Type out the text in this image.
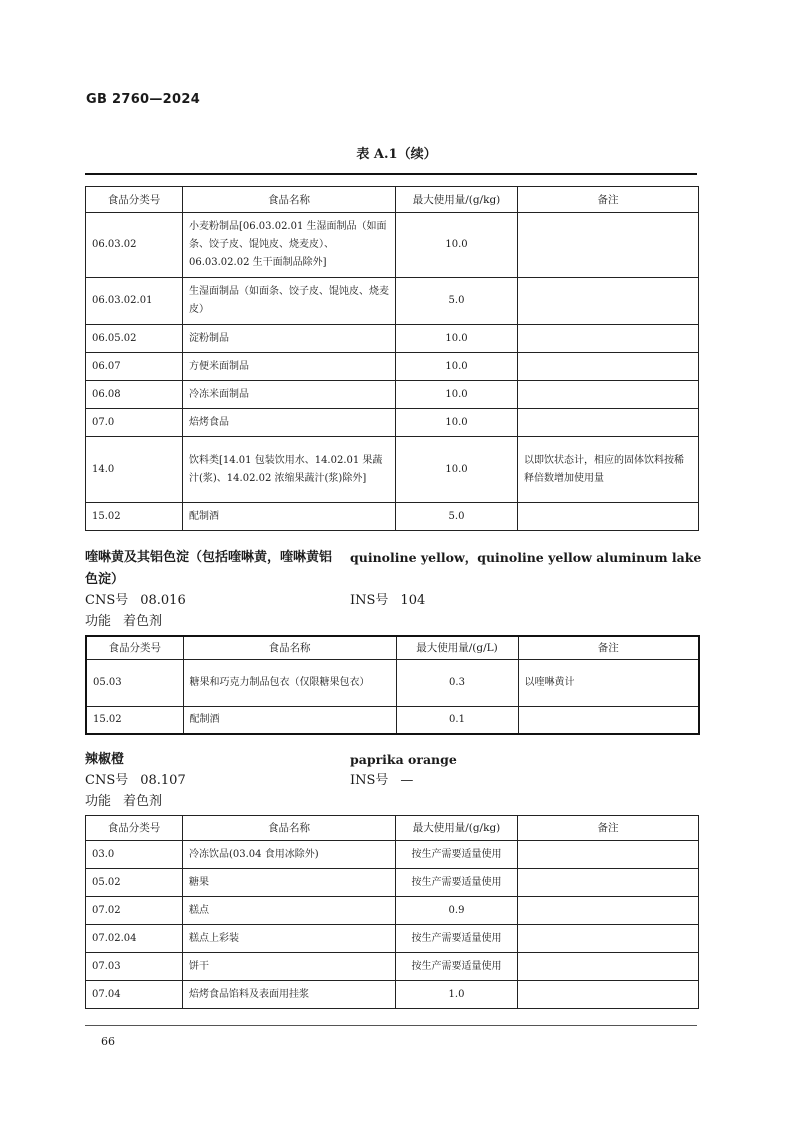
GB 2760—2024
表 A.1（续）
食品分类号	食品名称	最大使用量/(g/kg)	备注
06.03.02	小麦粉制品[06.03.02.01 生湿面制品（如面条、饺子皮、馄饨皮、烧麦皮）、06.03.02.02 生干面制品除外]	10.0	
06.03.02.01	生湿面制品（如面条、饺子皮、馄饨皮、烧麦皮）	5.0	
06.05.02	淀粉制品	10.0	
06.07	方便米面制品	10.0	
06.08	冷冻米面制品	10.0	
07.0	焙烤食品	10.0	
14.0	饮料类[14.01 包装饮用水、14.02.01 果蔬汁(浆)、14.02.02 浓缩果蔬汁(浆)除外]	10.0	以即饮状态计，相应的固体饮料按稀释倍数增加使用量
15.02	配制酒	5.0	
喹啉黄及其铝色淀（包括喹啉黄，喹啉黄铝色淀）
quinoline yellow，quinoline yellow aluminum lake
CNS号 08.016	INS号 104
功能 着色剂
食品分类号	食品名称	最大使用量/(g/L)	备注
05.03	糖果和巧克力制品包衣（仅限糖果包衣）	0.3	以喹啉黄计
15.02	配制酒	0.1	
辣椒橙	paprika orange
CNS号 08.107	INS号 —
功能 着色剂
食品分类号	食品名称	最大使用量/(g/kg)	备注
03.0	冷冻饮品(03.04 食用冰除外)	按生产需要适量使用	
05.02	糖果	按生产需要适量使用	
07.02	糕点	0.9	
07.02.04	糕点上彩装	按生产需要适量使用	
07.03	饼干	按生产需要适量使用	
07.04	焙烤食品馅料及表面用挂浆	1.0	
66
